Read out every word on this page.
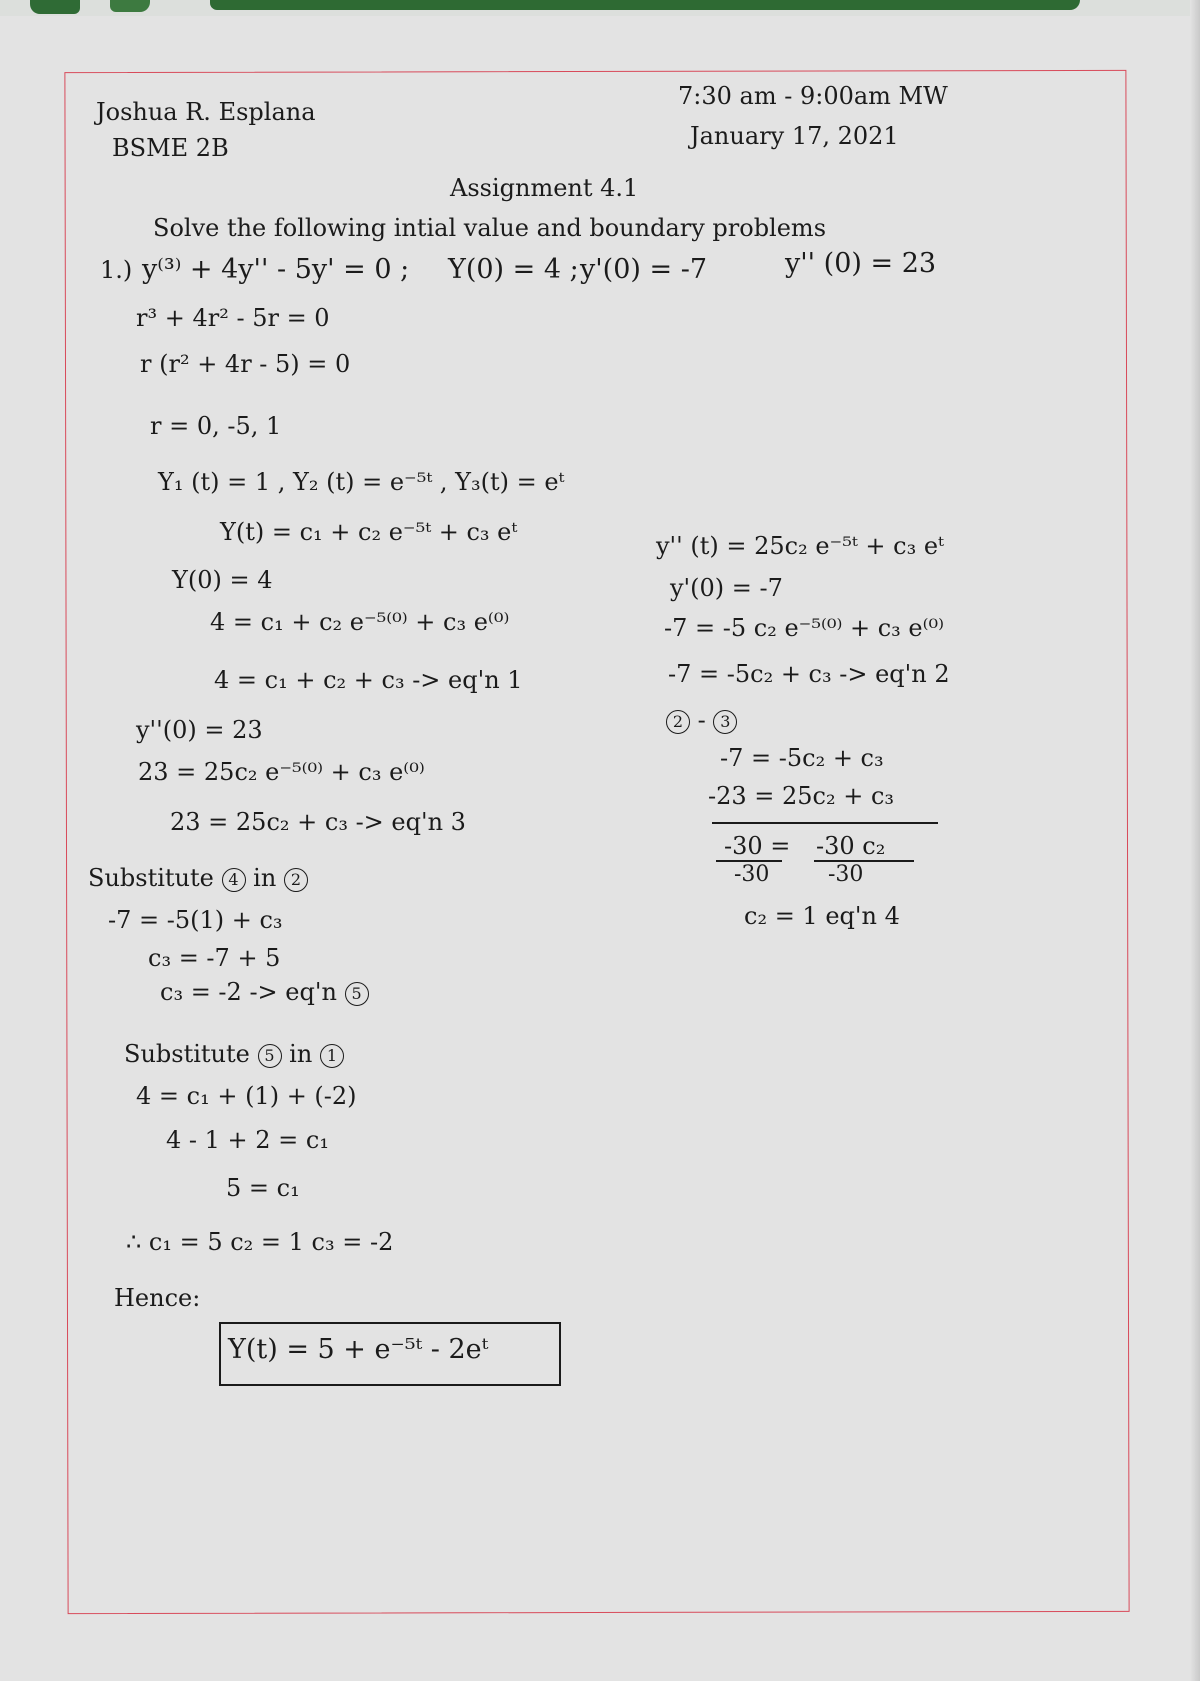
Joshua R. Esplana
BSME 2B
7:30 am - 9:00am MW
January 17, 2021
Assignment 4.1
Solve the following intial value and boundary problems
1.) y⁽³⁾ + 4y'' - 5y' = 0 ; Y(0) = 4 ; y'(0) = -7	y'' (0) = 23
r³ + 4r² - 5r = 0
r (r² + 4r - 5) = 0
r = 0, -5, 1
Y₁ (t) = 1 , Y₂ (t) = e⁻⁵ᵗ , Y₃(t) = eᵗ
Y(t) = c₁ + c₂ e⁻⁵ᵗ + c₃ eᵗ
Y(0) = 4
4 = c₁ + c₂ e⁻⁵⁽⁰⁾ + c₃ e⁽⁰⁾
4 = c₁ + c₂ + c₃ -> eq'n 1
y''(0) = 23
23 = 25c₂ e⁻⁵⁽⁰⁾ + c₃ e⁽⁰⁾
23 = 25c₂ + c₃ -> eq'n 3
y'' (t) = 25c₂ e⁻⁵ᵗ + c₃ eᵗ
y'(0) = -7
-7 = -5 c₂ e⁻⁵⁽⁰⁾ + c₃ e⁽⁰⁾
-7 = -5c₂ + c₃ -> eq'n 2
2 - 3
-7 = -5c₂ + c₃
-23 = 25c₂ + c₃
-30 = -30 c₂
-30	-30
c₂ = 1 eq'n 4
Substitute 4 in 2
-7 = -5(1) + c₃
c₃ = -7 + 5
c₃ = -2 -> eq'n 5
Substitute 5 in 1
4 = c₁ + (1) + (-2)
4 - 1 + 2 = c₁
5 = c₁
∴ c₁ = 5 c₂ = 1 c₃ = -2
Hence:
Y(t) = 5 + e⁻⁵ᵗ - 2eᵗ
